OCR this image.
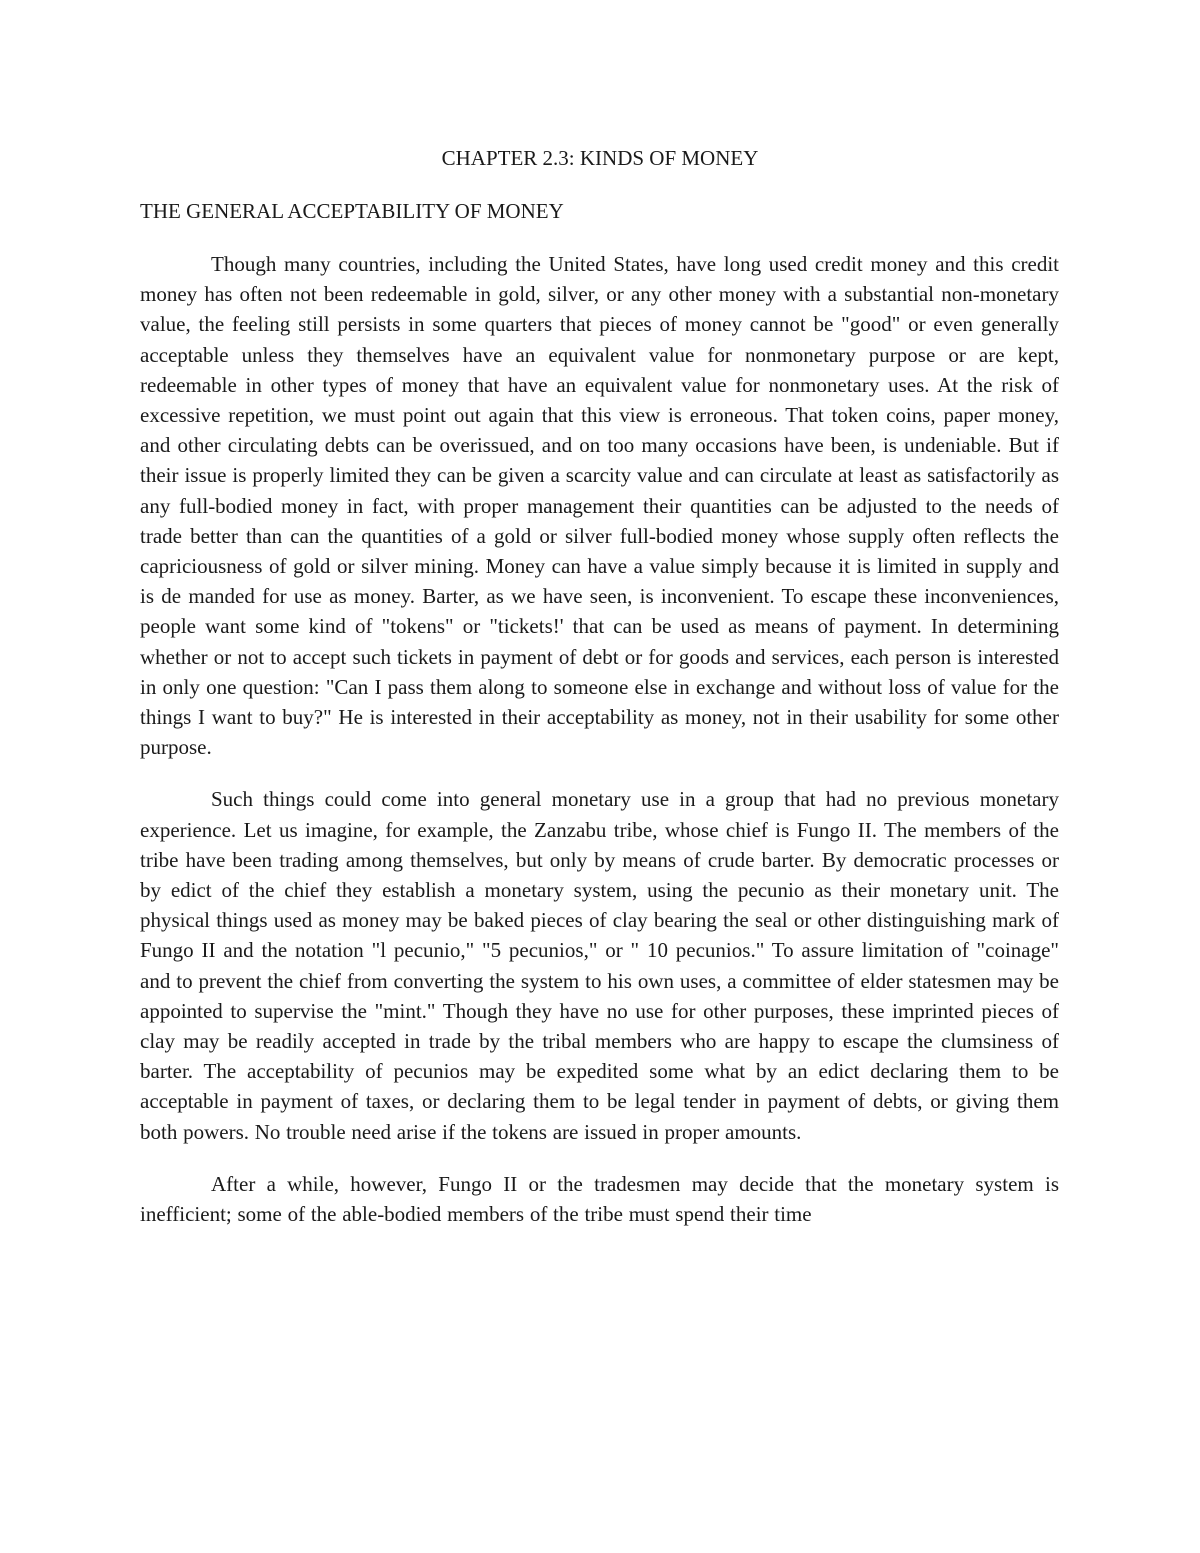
CHAPTER 2.3: KINDS OF MONEY
THE GENERAL ACCEPTABILITY OF MONEY

Though many countries, including the United States, have long used credit money and this credit money has often not been redeemable in gold, silver, or any other money with a substantial non-monetary value, the feeling still persists in some quarters that pieces of money cannot be "good" or even generally acceptable unless they themselves have an equivalent value for nonmonetary purpose or are kept, redeemable in other types of money that have an equivalent value for nonmonetary uses. At the risk of excessive repetition, we must point out again that this view is erroneous. That token coins, paper money, and other circulating debts can be overissued, and on too many occasions have been, is undeniable. But if their issue is properly limited they can be given a scarcity value and can circulate at least as satisfactorily as any full-bodied money in fact, with proper management their quantities can be adjusted to the needs of trade better than can the quantities of a gold or silver full-bodied money whose supply often reflects the capriciousness of gold or silver mining. Money can have a value simply because it is limited in supply and is de manded for use as money. Barter, as we have seen, is inconvenient. To escape these inconveniences, people want some kind of "tokens" or "tickets!' that can be used as means of payment. In determining whether or not to accept such tickets in payment of debt or for goods and services, each person is interested in only one question: "Can I pass them along to someone else in exchange and without loss of value for the things I want to buy?" He is interested in their acceptability as money, not in their usability for some other purpose.

Such things could come into general monetary use in a group that had no previous monetary experience. Let us imagine, for example, the Zanzabu tribe, whose chief is Fungo II. The members of the tribe have been trading among themselves, but only by means of crude barter. By democratic processes or by edict of the chief they establish a monetary system, using the pecunio as their monetary unit. The physical things used as money may be baked pieces of clay bearing the seal or other distinguishing mark of Fungo II and the notation "l pecunio," "5 pecunios," or " 10 pecunios." To assure limitation of "coinage" and to prevent the chief from converting the system to his own uses, a committee of elder statesmen may be appointed to supervise the "mint." Though they have no use for other purposes, these imprinted pieces of clay may be readily accepted in trade by the tribal members who are happy to escape the clumsiness of barter. The acceptability of pecunios may be expedited some what by an edict declaring them to be acceptable in payment of taxes, or declaring them to be legal tender in payment of debts, or giving them both powers. No trouble need arise if the tokens are issued in proper amounts.

After a while, however, Fungo II or the tradesmen may decide that the monetary system is inefficient; some of the able-bodied members of the tribe must spend their time
